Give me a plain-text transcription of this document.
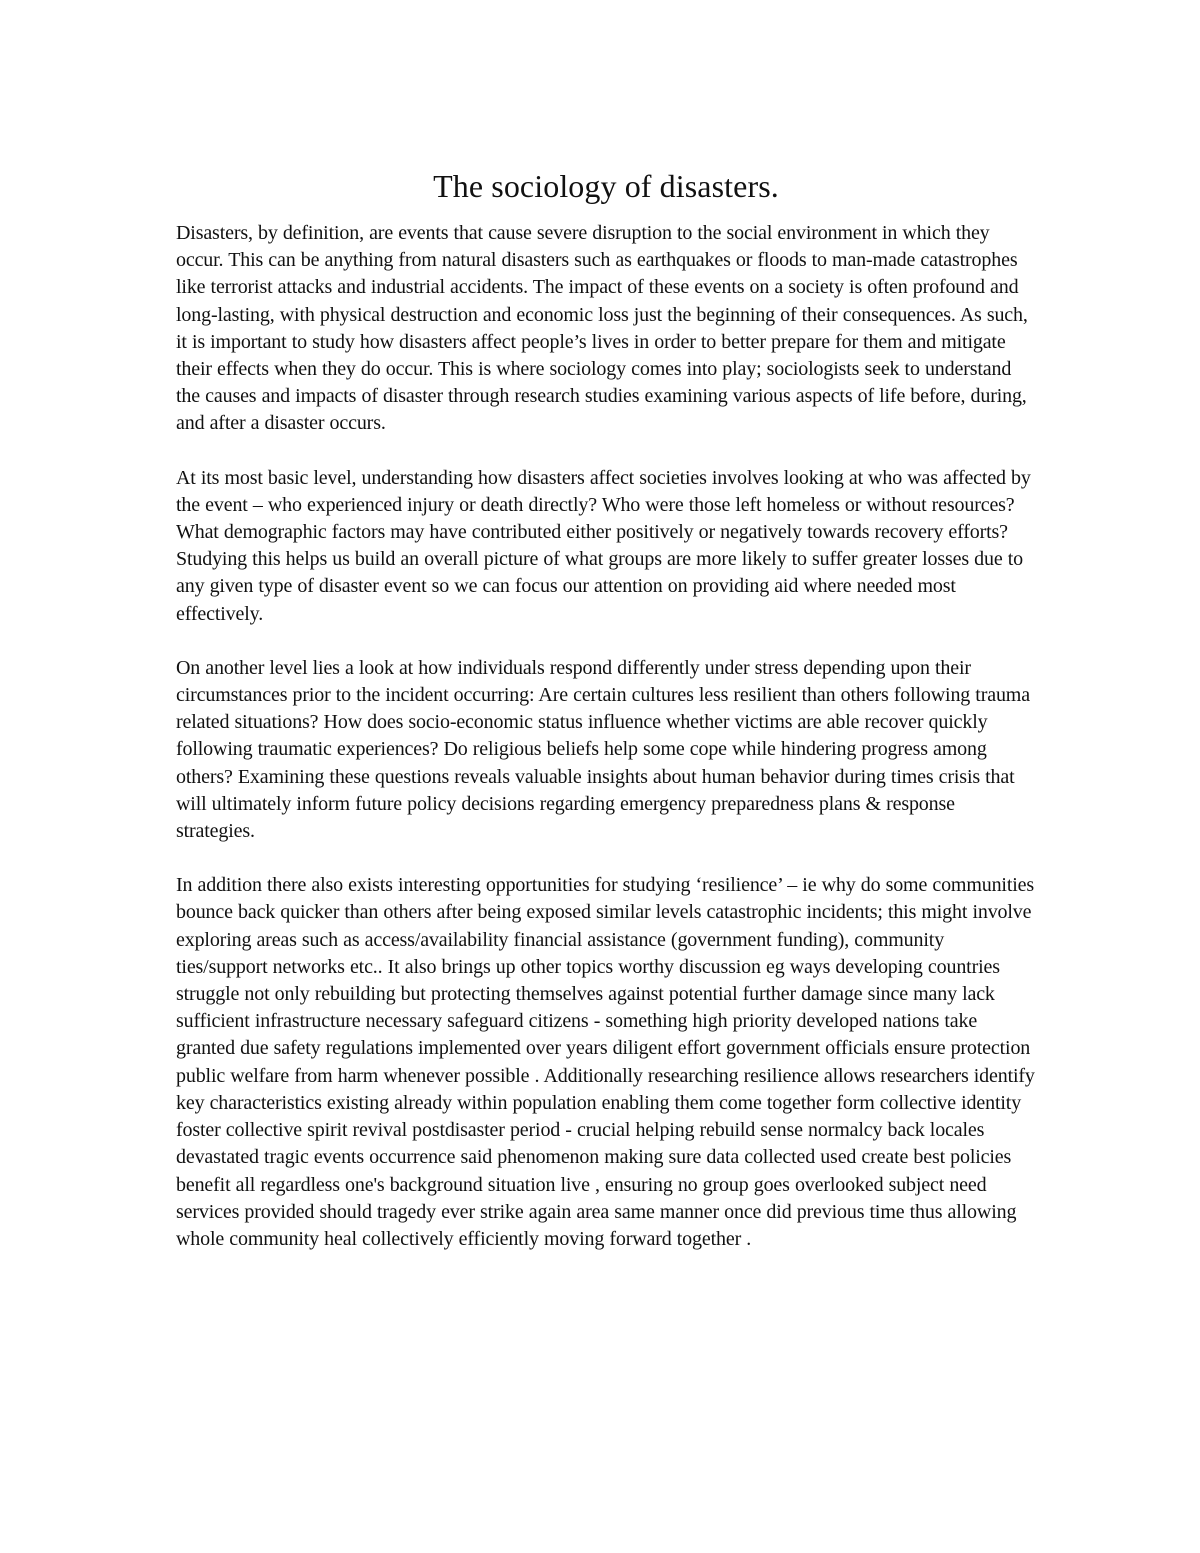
The sociology of disasters.

Disasters, by definition, are events that cause severe disruption to the social environment in which they occur. This can be anything from natural disasters such as earthquakes or floods to man-made catastrophes like terrorist attacks and industrial accidents. The impact of these events on a society is often profound and long-lasting, with physical destruction and economic loss just the beginning of their consequences. As such, it is important to study how disasters affect people’s lives in order to better prepare for them and mitigate their effects when they do occur. This is where sociology comes into play; sociologists seek to understand the causes and impacts of disaster through research studies examining various aspects of life before, during, and after a disaster occurs.

At its most basic level, understanding how disasters affect societies involves looking at who was affected by the event – who experienced injury or death directly? Who were those left homeless or without resources? What demographic factors may have contributed either positively or negatively towards recovery efforts? Studying this helps us build an overall picture of what groups are more likely to suffer greater losses due to any given type of disaster event so we can focus our attention on providing aid where needed most effectively.

On another level lies a look at how individuals respond differently under stress depending upon their circumstances prior to the incident occurring: Are certain cultures less resilient than others following trauma related situations? How does socio-economic status influence whether victims are able recover quickly following traumatic experiences? Do religious beliefs help some cope while hindering progress among others? Examining these questions reveals valuable insights about human behavior during times crisis that will ultimately inform future policy decisions regarding emergency preparedness plans & response strategies.

In addition there also exists interesting opportunities for studying ‘resilience’ – ie why do some communities bounce back quicker than others after being exposed similar levels catastrophic incidents; this might involve exploring areas such as access/availability financial assistance (government funding), community ties/support networks etc.. It also brings up other topics worthy discussion eg ways developing countries struggle not only rebuilding but protecting themselves against potential further damage since many lack sufficient infrastructure necessary safeguard citizens - something high priority developed nations take granted due safety regulations implemented over years diligent effort government officials ensure protection public welfare from harm whenever possible . Additionally researching resilience allows researchers identify key characteristics existing already within population enabling them come together form collective identity foster collective spirit revival postdisaster period - crucial helping rebuild sense normalcy back locales devastated tragic events occurrence said phenomenon making sure data collected used create best policies benefit all regardless one's background situation live , ensuring no group goes overlooked subject need services provided should tragedy ever strike again area same manner once did previous time thus allowing whole community heal collectively efficiently moving forward together .
